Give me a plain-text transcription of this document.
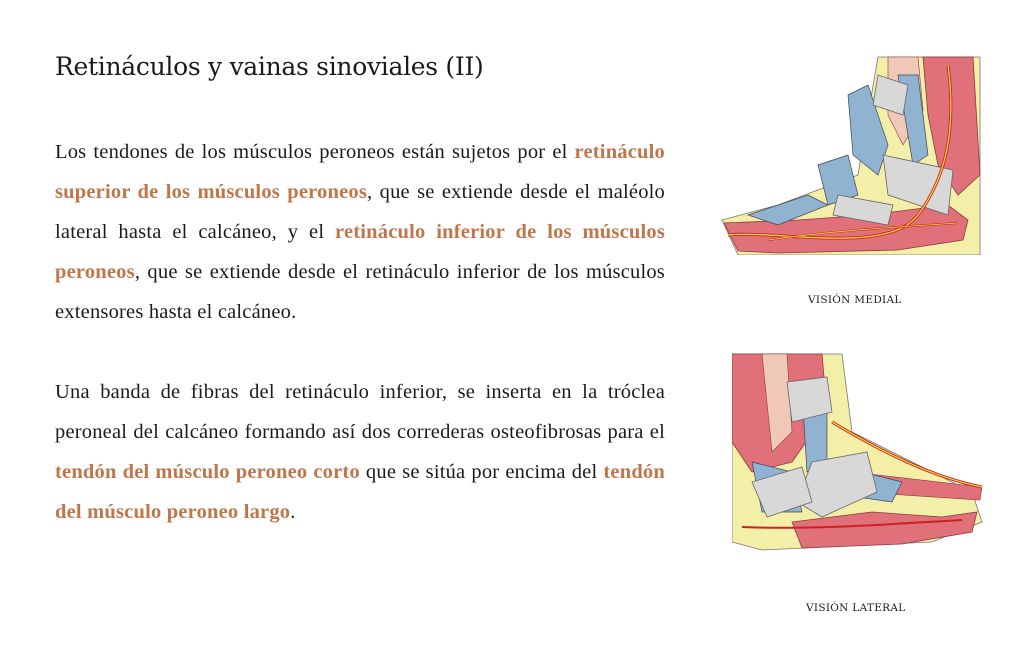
Retináculos y vainas sinoviales (II)

Los tendones de los músculos peroneos están sujetos por el retináculo superior de los músculos peroneos, que se extiende desde el maléolo lateral hasta el calcáneo, y el retináculo inferior de los músculos peroneos, que se extiende desde el retináculo inferior de los músculos extensores hasta el calcáneo.

Una banda de fibras del retináculo inferior, se inserta en la tróclea peroneal del calcáneo formando así dos correderas osteofibrosas para el tendón del músculo peroneo corto que se sitúa por encima del tendón del músculo peroneo largo.

VISIÓN MEDIAL
VISIÓN LATERAL
